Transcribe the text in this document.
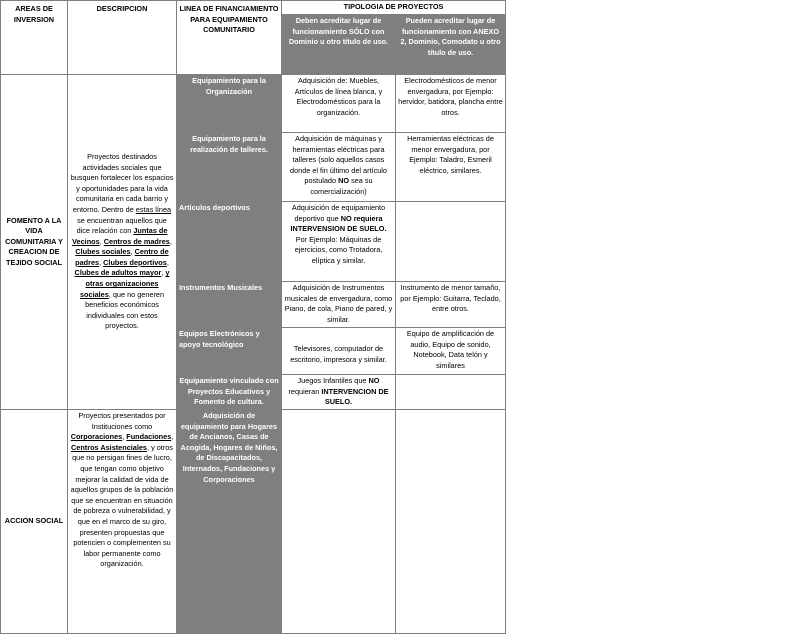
AREAS DE INVERSION	DESCRIPCION	LINEA DE FINANCIAMIENTO PARA EQUIPAMIENTO COMUNITARIO	TIPOLOGIA DE PROYECTOS	
			Deben acreditar lugar de funcionamiento SÓLO con Dominio u otro título de uso.	Pueden acreditar lugar de funcionamiento con ANEXO 2, Dominio, Comodato u otro título de uso.
FOMENTO A LA VIDA COMUNITARIA Y CREACION DE TEJIDO SOCIAL	Proyectos destinados actividades sociales que busquen fortalecer los espacios y oportunidades para la vida comunitaria en cada barrio y entorno. Dentro de estas línea se encuentran aquellos que dice relación con Juntas de Vecinos, Centros de madres, Clubes sociales, Centro de padres, Clubes deportivos, Clubes de adultos mayor, y otras organizaciones sociales, que no generen beneficios económicos individuales con estos proyectos.	Equipamiento para la Organización	Adquisición de: Muebles, Artículos de línea blanca, y Electrodomésticos para la organización.	Electrodomésticos de menor envergadura, por Ejemplo: hervidor, batidora, plancha entre otros.
		Equipamiento para la realización de talleres.	Adquisición de máquinas y herramientas eléctricas para talleres (solo aquellos casos donde el fin último del artículo postulado NO sea su comercialización)	Herramientas eléctricas de menor envergadura, por Ejemplo: Taladro, Esmeril eléctrico, similares.
		Artículos deportivos	Adquisición de equipamiento deportivo que NO requiera INTERVENSION DE SUELO. Por Ejemplo: Máquinas de ejercicios, como Trotadora, elíptica y similar.	
		Instrumentos Musicales	Adquisición de Instrumentos musicales de envergadura, como Piano, de cola, Piano de pared, y similar.	Instrumento de menor tamaño, por Ejemplo: Guitarra, Teclado, entre otros.
		Equipos Electrónicos y apoyo tecnológico	Televisores, computador de escritorio, impresora y similar.	Equipo de amplificación de audio, Equipo de sonido, Notebook, Data telón y similares
		Equipamiento vinculado con Proyectos Educativos y Fomento de cultura.	Juegos Infantiles que NO requieran INTERVENCION DE SUELO.	
ACCION SOCIAL	Proyectos presentados por Instituciones como Corporaciones, Fundaciones, Centros Asistenciales, y otros que no persigan fines de lucro, que tengan como objetivo mejorar la calidad de vida de aquellos grupos de la población que se encuentran en situación de pobreza o vulnerabilidad, y que en el marco de su giro, presenten propuestas que potencien o complementen su labor permanente como organización.	Adquisición de equipamiento para Hogares de Ancianos, Casas de Acogida, Hogares de Niños, de Discapacitados, Internados, Fundaciones y Corporaciones		
